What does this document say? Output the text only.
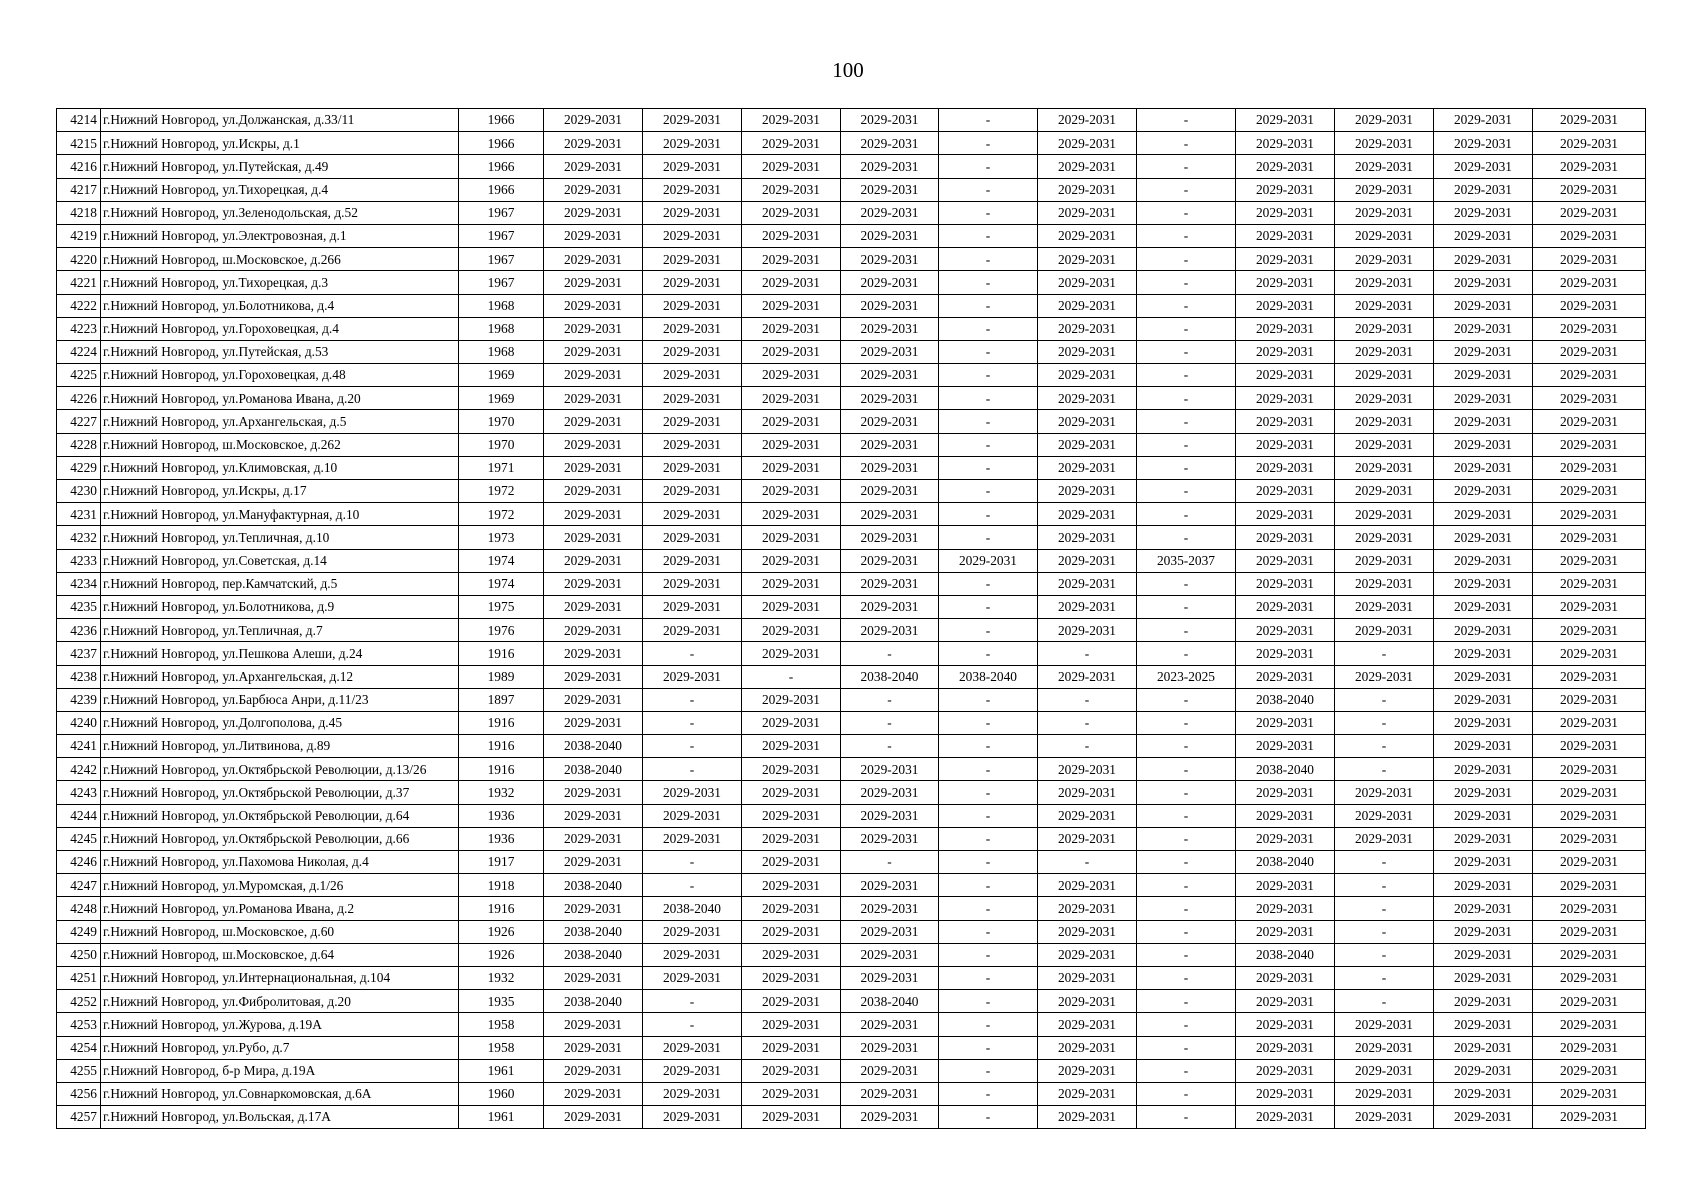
100
4214	г.Нижний Новгород, ул.Должанская, д.33/11	1966	2029-2031	2029-2031	2029-2031	2029-2031	-	2029-2031	-	2029-2031	2029-2031	2029-2031	2029-2031
4215	г.Нижний Новгород, ул.Искры, д.1	1966	2029-2031	2029-2031	2029-2031	2029-2031	-	2029-2031	-	2029-2031	2029-2031	2029-2031	2029-2031
4216	г.Нижний Новгород, ул.Путейская, д.49	1966	2029-2031	2029-2031	2029-2031	2029-2031	-	2029-2031	-	2029-2031	2029-2031	2029-2031	2029-2031
4217	г.Нижний Новгород, ул.Тихорецкая, д.4	1966	2029-2031	2029-2031	2029-2031	2029-2031	-	2029-2031	-	2029-2031	2029-2031	2029-2031	2029-2031
4218	г.Нижний Новгород, ул.Зеленодольская, д.52	1967	2029-2031	2029-2031	2029-2031	2029-2031	-	2029-2031	-	2029-2031	2029-2031	2029-2031	2029-2031
4219	г.Нижний Новгород, ул.Электровозная, д.1	1967	2029-2031	2029-2031	2029-2031	2029-2031	-	2029-2031	-	2029-2031	2029-2031	2029-2031	2029-2031
4220	г.Нижний Новгород, ш.Московское, д.266	1967	2029-2031	2029-2031	2029-2031	2029-2031	-	2029-2031	-	2029-2031	2029-2031	2029-2031	2029-2031
4221	г.Нижний Новгород, ул.Тихорецкая, д.3	1967	2029-2031	2029-2031	2029-2031	2029-2031	-	2029-2031	-	2029-2031	2029-2031	2029-2031	2029-2031
4222	г.Нижний Новгород, ул.Болотникова, д.4	1968	2029-2031	2029-2031	2029-2031	2029-2031	-	2029-2031	-	2029-2031	2029-2031	2029-2031	2029-2031
4223	г.Нижний Новгород, ул.Гороховецкая, д.4	1968	2029-2031	2029-2031	2029-2031	2029-2031	-	2029-2031	-	2029-2031	2029-2031	2029-2031	2029-2031
4224	г.Нижний Новгород, ул.Путейская, д.53	1968	2029-2031	2029-2031	2029-2031	2029-2031	-	2029-2031	-	2029-2031	2029-2031	2029-2031	2029-2031
4225	г.Нижний Новгород, ул.Гороховецкая, д.48	1969	2029-2031	2029-2031	2029-2031	2029-2031	-	2029-2031	-	2029-2031	2029-2031	2029-2031	2029-2031
4226	г.Нижний Новгород, ул.Романова Ивана, д.20	1969	2029-2031	2029-2031	2029-2031	2029-2031	-	2029-2031	-	2029-2031	2029-2031	2029-2031	2029-2031
4227	г.Нижний Новгород, ул.Архангельская, д.5	1970	2029-2031	2029-2031	2029-2031	2029-2031	-	2029-2031	-	2029-2031	2029-2031	2029-2031	2029-2031
4228	г.Нижний Новгород, ш.Московское, д.262	1970	2029-2031	2029-2031	2029-2031	2029-2031	-	2029-2031	-	2029-2031	2029-2031	2029-2031	2029-2031
4229	г.Нижний Новгород, ул.Климовская, д.10	1971	2029-2031	2029-2031	2029-2031	2029-2031	-	2029-2031	-	2029-2031	2029-2031	2029-2031	2029-2031
4230	г.Нижний Новгород, ул.Искры, д.17	1972	2029-2031	2029-2031	2029-2031	2029-2031	-	2029-2031	-	2029-2031	2029-2031	2029-2031	2029-2031
4231	г.Нижний Новгород, ул.Мануфактурная, д.10	1972	2029-2031	2029-2031	2029-2031	2029-2031	-	2029-2031	-	2029-2031	2029-2031	2029-2031	2029-2031
4232	г.Нижний Новгород, ул.Тепличная, д.10	1973	2029-2031	2029-2031	2029-2031	2029-2031	-	2029-2031	-	2029-2031	2029-2031	2029-2031	2029-2031
4233	г.Нижний Новгород, ул.Советская, д.14	1974	2029-2031	2029-2031	2029-2031	2029-2031	2029-2031	2029-2031	2035-2037	2029-2031	2029-2031	2029-2031	2029-2031
4234	г.Нижний Новгород, пер.Камчатский, д.5	1974	2029-2031	2029-2031	2029-2031	2029-2031	-	2029-2031	-	2029-2031	2029-2031	2029-2031	2029-2031
4235	г.Нижний Новгород, ул.Болотникова, д.9	1975	2029-2031	2029-2031	2029-2031	2029-2031	-	2029-2031	-	2029-2031	2029-2031	2029-2031	2029-2031
4236	г.Нижний Новгород, ул.Тепличная, д.7	1976	2029-2031	2029-2031	2029-2031	2029-2031	-	2029-2031	-	2029-2031	2029-2031	2029-2031	2029-2031
4237	г.Нижний Новгород, ул.Пешкова Алеши, д.24	1916	2029-2031	-	2029-2031	-	-	-	-	2029-2031	-	2029-2031	2029-2031
4238	г.Нижний Новгород, ул.Архангельская, д.12	1989	2029-2031	2029-2031	-	2038-2040	2038-2040	2029-2031	2023-2025	2029-2031	2029-2031	2029-2031	2029-2031
4239	г.Нижний Новгород, ул.Барбюса Анри, д.11/23	1897	2029-2031	-	2029-2031	-	-	-	-	2038-2040	-	2029-2031	2029-2031
4240	г.Нижний Новгород, ул.Долгополова, д.45	1916	2029-2031	-	2029-2031	-	-	-	-	2029-2031	-	2029-2031	2029-2031
4241	г.Нижний Новгород, ул.Литвинова, д.89	1916	2038-2040	-	2029-2031	-	-	-	-	2029-2031	-	2029-2031	2029-2031
4242	г.Нижний Новгород, ул.Октябрьской Революции, д.13/26	1916	2038-2040	-	2029-2031	2029-2031	-	2029-2031	-	2038-2040	-	2029-2031	2029-2031
4243	г.Нижний Новгород, ул.Октябрьской Революции, д.37	1932	2029-2031	2029-2031	2029-2031	2029-2031	-	2029-2031	-	2029-2031	2029-2031	2029-2031	2029-2031
4244	г.Нижний Новгород, ул.Октябрьской Революции, д.64	1936	2029-2031	2029-2031	2029-2031	2029-2031	-	2029-2031	-	2029-2031	2029-2031	2029-2031	2029-2031
4245	г.Нижний Новгород, ул.Октябрьской Революции, д.66	1936	2029-2031	2029-2031	2029-2031	2029-2031	-	2029-2031	-	2029-2031	2029-2031	2029-2031	2029-2031
4246	г.Нижний Новгород, ул.Пахомова Николая, д.4	1917	2029-2031	-	2029-2031	-	-	-	-	2038-2040	-	2029-2031	2029-2031
4247	г.Нижний Новгород, ул.Муромская, д.1/26	1918	2038-2040	-	2029-2031	2029-2031	-	2029-2031	-	2029-2031	-	2029-2031	2029-2031
4248	г.Нижний Новгород, ул.Романова Ивана, д.2	1916	2029-2031	2038-2040	2029-2031	2029-2031	-	2029-2031	-	2029-2031	-	2029-2031	2029-2031
4249	г.Нижний Новгород, ш.Московское, д.60	1926	2038-2040	2029-2031	2029-2031	2029-2031	-	2029-2031	-	2029-2031	-	2029-2031	2029-2031
4250	г.Нижний Новгород, ш.Московское, д.64	1926	2038-2040	2029-2031	2029-2031	2029-2031	-	2029-2031	-	2038-2040	-	2029-2031	2029-2031
4251	г.Нижний Новгород, ул.Интернациональная, д.104	1932	2029-2031	2029-2031	2029-2031	2029-2031	-	2029-2031	-	2029-2031	-	2029-2031	2029-2031
4252	г.Нижний Новгород, ул.Фибролитовая, д.20	1935	2038-2040	-	2029-2031	2038-2040	-	2029-2031	-	2029-2031	-	2029-2031	2029-2031
4253	г.Нижний Новгород, ул.Журова, д.19А	1958	2029-2031	-	2029-2031	2029-2031	-	2029-2031	-	2029-2031	2029-2031	2029-2031	2029-2031
4254	г.Нижний Новгород, ул.Рубо, д.7	1958	2029-2031	2029-2031	2029-2031	2029-2031	-	2029-2031	-	2029-2031	2029-2031	2029-2031	2029-2031
4255	г.Нижний Новгород, б-р Мира, д.19А	1961	2029-2031	2029-2031	2029-2031	2029-2031	-	2029-2031	-	2029-2031	2029-2031	2029-2031	2029-2031
4256	г.Нижний Новгород, ул.Совнаркомовская, д.6А	1960	2029-2031	2029-2031	2029-2031	2029-2031	-	2029-2031	-	2029-2031	2029-2031	2029-2031	2029-2031
4257	г.Нижний Новгород, ул.Вольская, д.17А	1961	2029-2031	2029-2031	2029-2031	2029-2031	-	2029-2031	-	2029-2031	2029-2031	2029-2031	2029-2031
